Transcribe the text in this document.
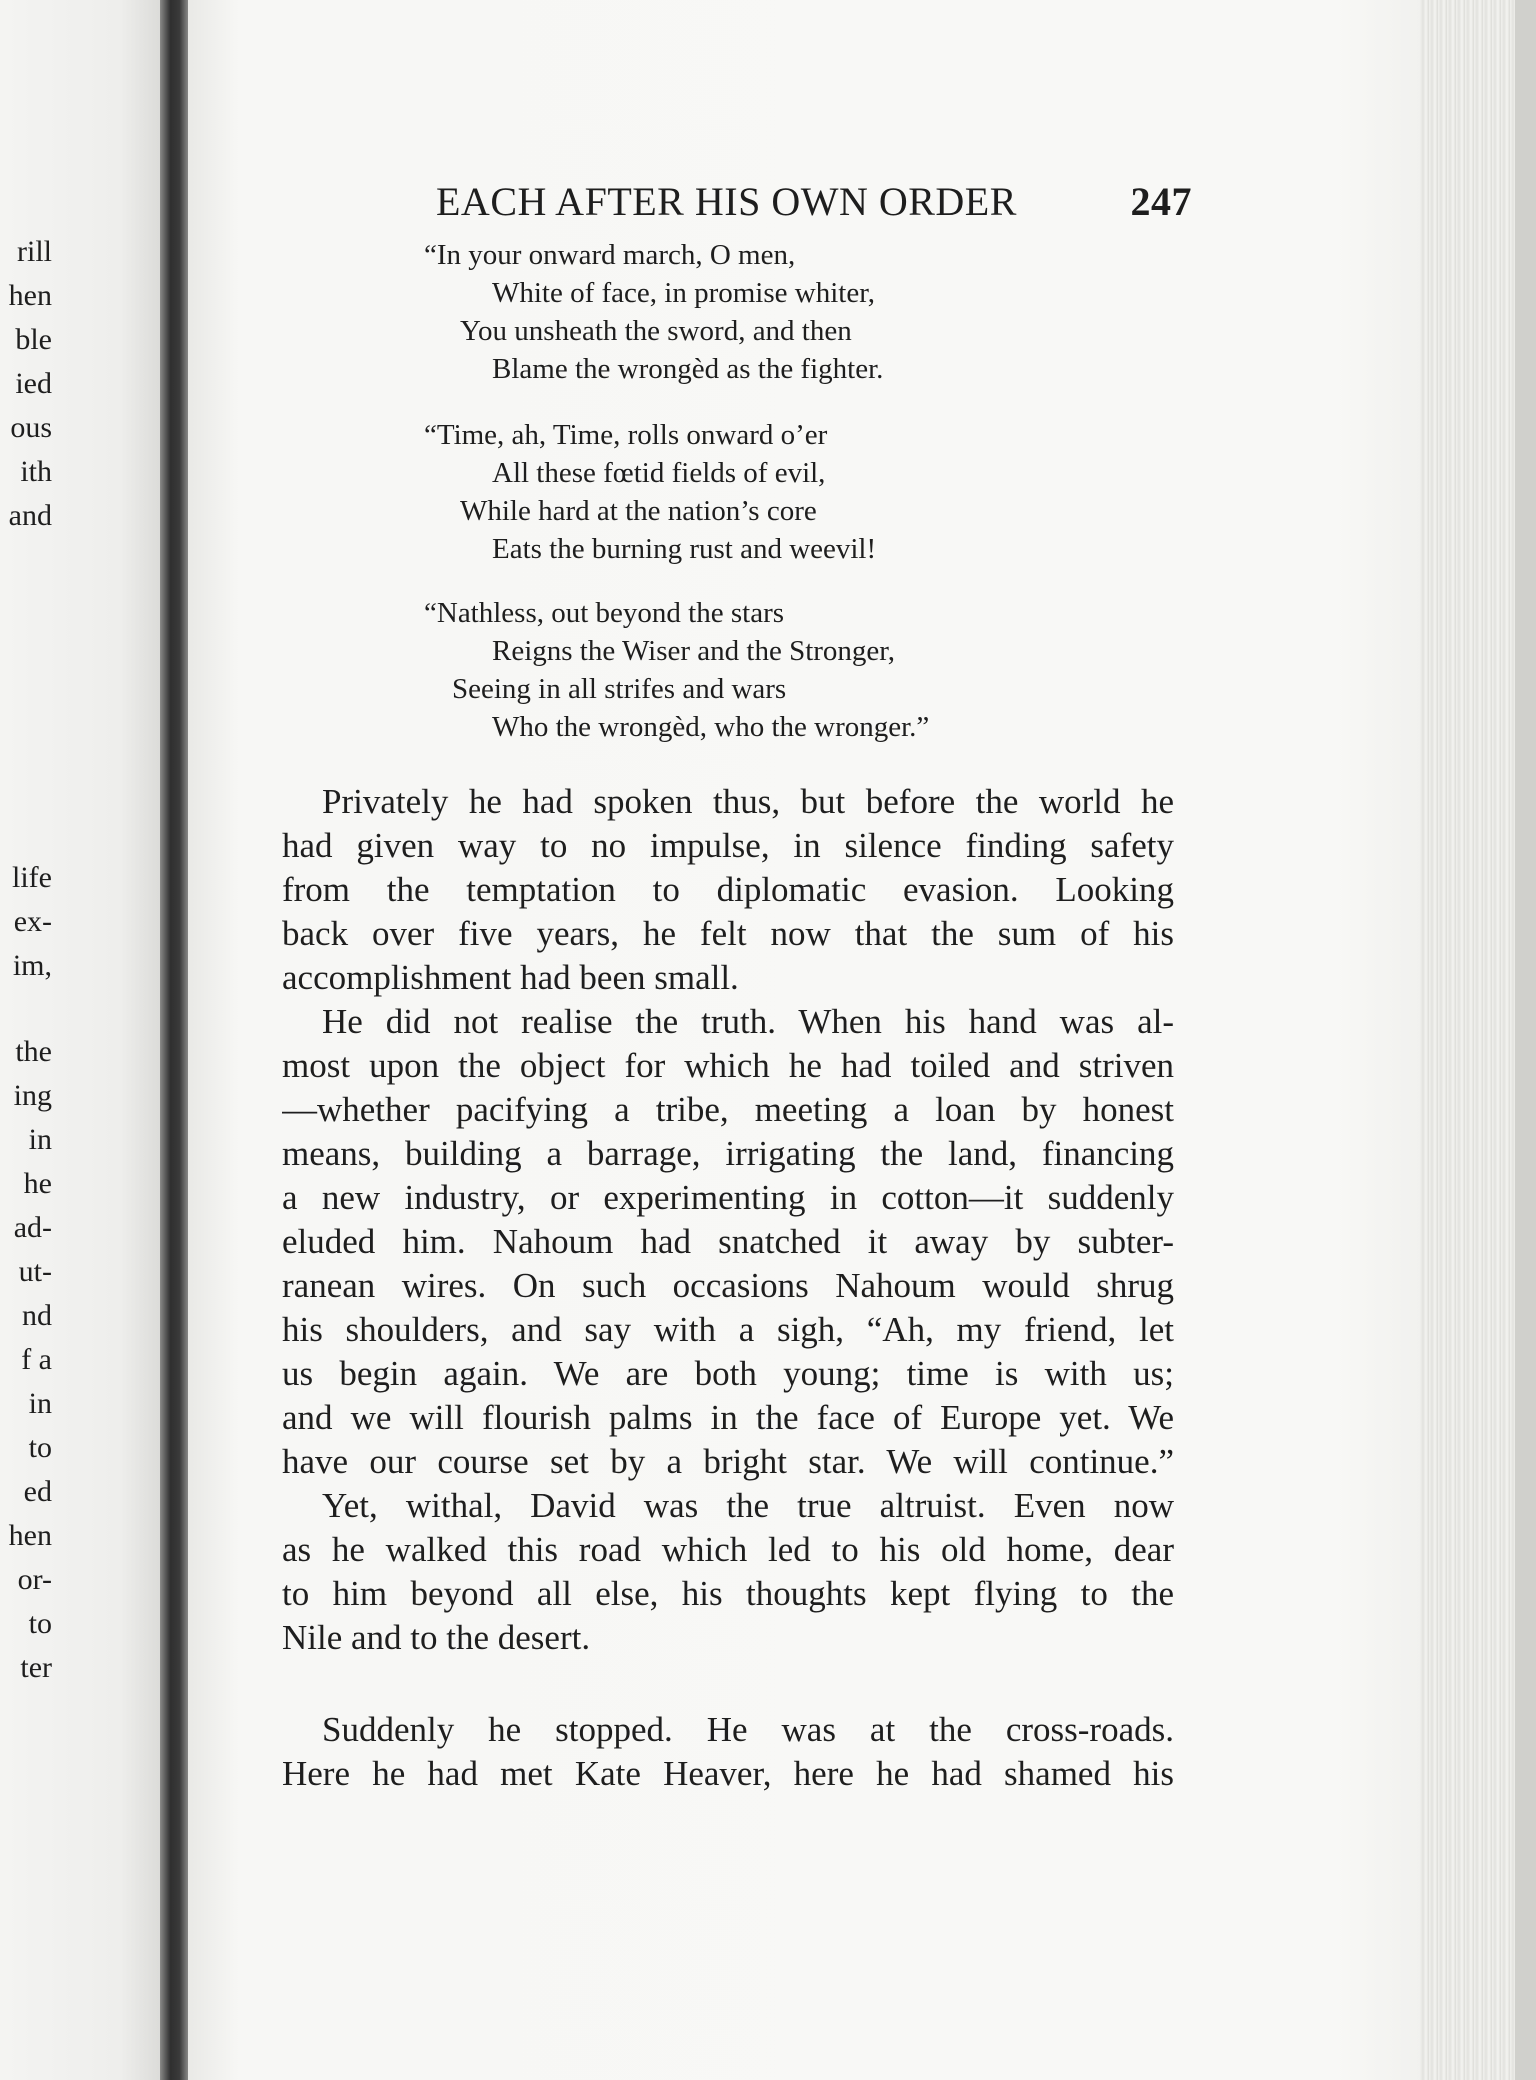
rill
hen
ble
ied
ous
ith
and
life
ex-
im,
the
ing
in
he
ad-
ut-
nd
f a
in
to
ed
hen
or-
to
ter
EACH AFTER HIS OWN ORDER	247
“In your onward march, O men,
White of face, in promise whiter,
You unsheath the sword, and then
Blame the wrongèd as the fighter.
“Time, ah, Time, rolls onward o’er
All these fœtid fields of evil,
While hard at the nation’s core
Eats the burning rust and weevil!
“Nathless, out beyond the stars
Reigns the Wiser and the Stronger,
Seeing in all strifes and wars
Who the wrongèd, who the wronger.”
Privately he had spoken thus, but before the world he
had given way to no impulse, in silence finding safety
from the temptation to diplomatic evasion. Looking
back over five years, he felt now that the sum of his
accomplishment had been small.
He did not realise the truth. When his hand was al-
most upon the object for which he had toiled and striven
—whether pacifying a tribe, meeting a loan by honest
means, building a barrage, irrigating the land, financing
a new industry, or experimenting in cotton—it suddenly
eluded him. Nahoum had snatched it away by subter-
ranean wires. On such occasions Nahoum would shrug
his shoulders, and say with a sigh, “Ah, my friend, let
us begin again. We are both young; time is with us;
and we will flourish palms in the face of Europe yet. We
have our course set by a bright star. We will continue.”
Yet, withal, David was the true altruist. Even now
as he walked this road which led to his old home, dear
to him beyond all else, his thoughts kept flying to the
Nile and to the desert.
Suddenly he stopped. He was at the cross-roads.
Here he had met Kate Heaver, here he had shamed his
